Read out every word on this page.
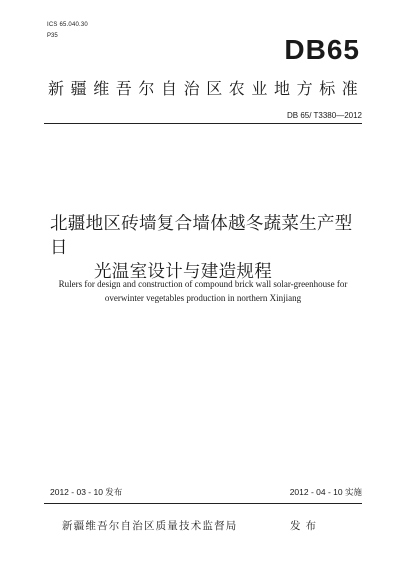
ICS 65.040.30
P35	DB65
新疆维吾尔自治区农业地方标准
DB 65/ T3380—2012
北疆地区砖墙复合墙体越冬蔬菜生产型日
光温室设计与建造规程
Rulers for design and construction of compound brick wall solar-greenhouse for
overwinter vegetables production in northern Xinjiang
2012 - 03 - 10 发布	2012 - 04 - 10 实施
新疆维吾尔自治区质量技术监督局	发布
